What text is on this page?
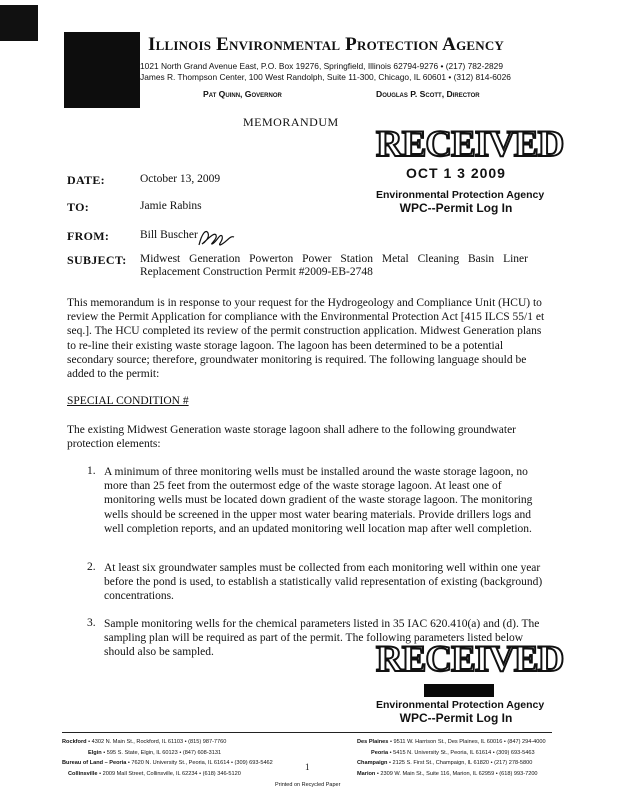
Illinois Environmental Protection Agency
1021 North Grand Avenue East, P.O. Box 19276, Springfield, Illinois 62794-9276 • (217) 782-2829
James R. Thompson Center, 100 West Randolph, Suite 11-300, Chicago, IL 60601 • (312) 814-6026
Pat Quinn, Governor	Douglas P. Scott, Director
MEMORANDUM
RECEIVED
OCT 1 3 2009
Environmental Protection Agency
WPC--Permit Log In
DATE:	October 13, 2009
TO:	Jamie Rabins
FROM:	Bill Buscher
SUBJECT: Midwest Generation Powerton Power Station Metal Cleaning Basin Liner Replacement Construction Permit #2009-EB-2748
This memorandum is in response to your request for the Hydrogeology and Compliance Unit (HCU) to review the Permit Application for compliance with the Environmental Protection Act [415 ILCS 55/1 et seq.]. The HCU completed its review of the permit construction application. Midwest Generation plans to re-line their existing waste storage lagoon. The lagoon has been determined to be a potential secondary source; therefore, groundwater monitoring is required. The following language should be added to the permit:
SPECIAL CONDITION #
The existing Midwest Generation waste storage lagoon shall adhere to the following groundwater protection elements:
1. A minimum of three monitoring wells must be installed around the waste storage lagoon, no more than 25 feet from the outermost edge of the waste storage lagoon. At least one of monitoring wells must be located down gradient of the waste storage lagoon. The monitoring wells should be screened in the upper most water bearing materials. Provide drillers logs and well completion reports, and an updated monitoring well location map after well completion.
2. At least six groundwater samples must be collected from each monitoring well within one year before the pond is used, to establish a statistically valid representation of existing (background) concentrations.
3. Sample monitoring wells for the chemical parameters listed in 35 IAC 620.410(a) and (d). The sampling plan will be required as part of the permit. The following parameters listed below should also be sampled.	RECEIVED
Environmental Protection Agency
WPC--Permit Log In
Rockford • 4302 N. Main St., Rockford, IL 61103 • (815) 987-7760
Elgin • 595 S. State, Elgin, IL 60123 • (847) 608-3131
Bureau of Land – Peoria • 7620 N. University St., Peoria, IL 61614 • (309) 693-5462
Collinsville • 2009 Mall Street, Collinsville, IL 62234 • (618) 346-5120
Des Plaines • 9511 W. Harrison St., Des Plaines, IL 60016 • (847) 294-4000
Peoria • 5415 N. University St., Peoria, IL 61614 • (309) 693-5463
Champaign • 2125 S. First St., Champaign, IL 61820 • (217) 278-5800
Marion • 2309 W. Main St., Suite 116, Marion, IL 62959 • (618) 993-7200
1
Printed on Recycled Paper
